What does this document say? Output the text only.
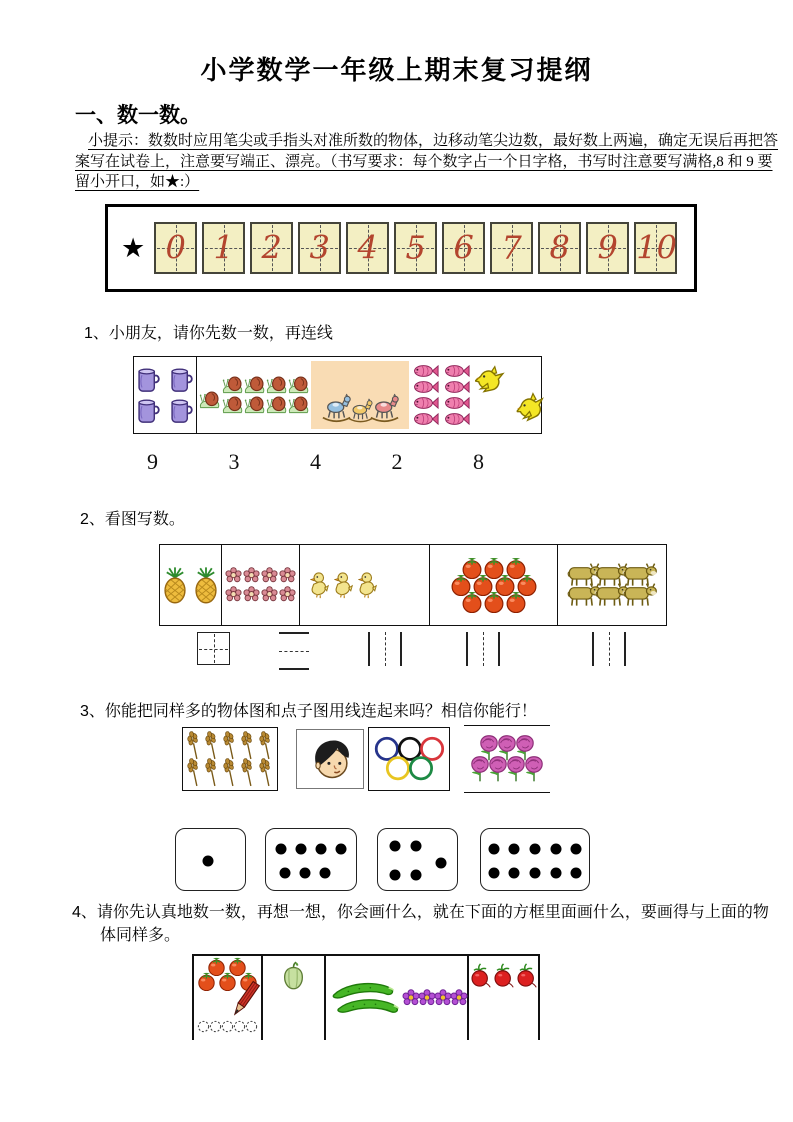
小学数学一年级上期末复习提纲
一、数一数。
小提示：数数时应用笔尖或手指头对准所数的物体，边移动笔尖边数，最好数上两遍，确定无误后再把答案写在试卷上，注意要写端正、漂亮。（书写要求：每个数字占一个日字格，书写时注意要写满格,8 和 9 要留小开口，如★:）
★ 0 1 2 3 4 5 6 7 8 9 10
1、小朋友，请你先数一数，再连线
9	3	4	2	8
2、看图写数。
3、你能把同样多的物体图和点子图用线连起来吗？相信你能行！
4、请你先认真地数一数，再想一想，你会画什么，就在下面的方框里面画什么，要画得与上面的物体同样多。
